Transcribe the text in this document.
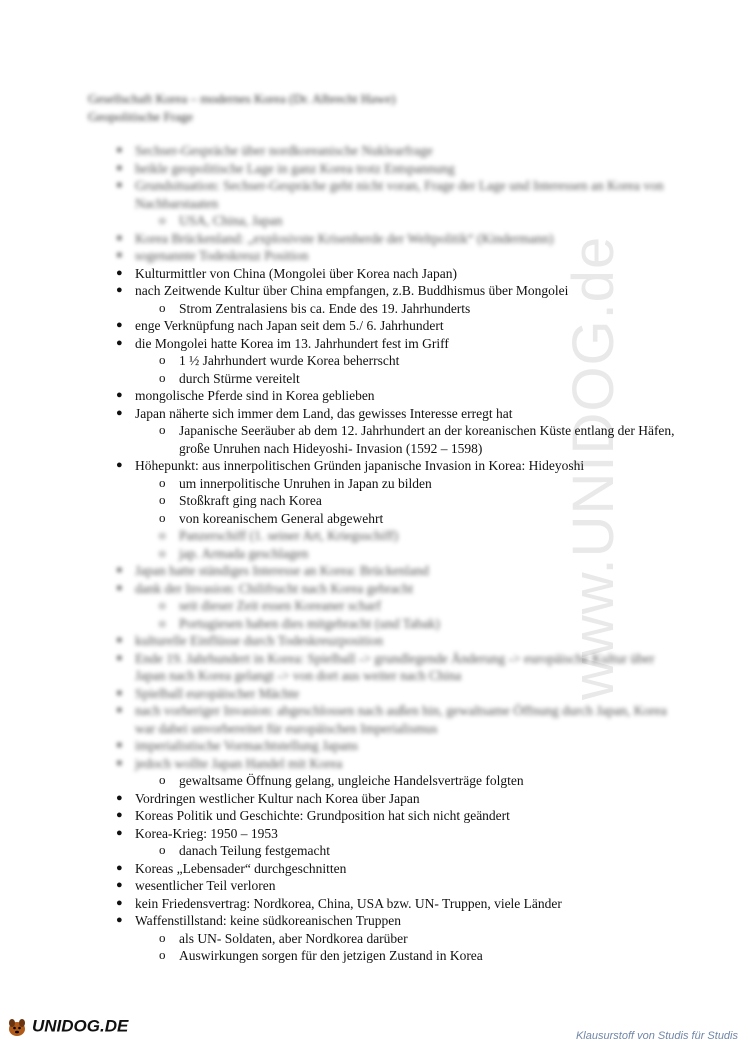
www.UNIDOG.de
Gesellschaft Korea – modernes Korea (Dr. Albrecht Hawe)
Geopolitische Frage
● Sechser-Gespräche über nordkoreanische Nuklearfrage
● heikle geopolitische Lage in ganz Korea trotz Entspannung
● Grundsituation: Sechser-Gespräche geht nicht voran, Frage der Lage und Interessen an Korea von Nachbarstaaten
o USA, China, Japan
● Korea Brückenland: „explosivste Krisenherde der Weltpolitik“ (Kindermann)
● sogenannte Todeskreuz Position
● Kulturmittler von China (Mongolei über Korea nach Japan)
● nach Zeitwende Kultur über China empfangen, z.B. Buddhismus über Mongolei
o Strom Zentralasiens bis ca. Ende des 19. Jahrhunderts
● enge Verknüpfung nach Japan seit dem 5./ 6. Jahrhundert
● die Mongolei hatte Korea im 13. Jahrhundert fest im Griff
o 1 ½ Jahrhundert wurde Korea beherrscht
o durch Stürme vereitelt
● mongolische Pferde sind in Korea geblieben
● Japan näherte sich immer dem Land, das gewisses Interesse erregt hat
o Japanische Seeräuber ab dem 12. Jahrhundert an der koreanischen Küste entlang der Häfen, große Unruhen nach Hideyoshi- Invasion (1592 – 1598)
● Höhepunkt: aus innerpolitischen Gründen japanische Invasion in Korea: Hideyoshi
o um innerpolitische Unruhen in Japan zu bilden
o Stoßkraft ging nach Korea
o von koreanischem General abgewehrt
o Panzerschiff (1. seiner Art, Kriegsschiff)
o jap. Armada geschlagen
● Japan hatte ständiges Interesse an Korea: Brückenland
● dank der Invasion: Chilifrucht nach Korea gebracht
o seit dieser Zeit essen Koreaner scharf
o Portugiesen haben dies mitgebracht (und Tabak)
● kulturelle Einflüsse durch Todeskreuzposition
● Ende 19. Jahrhundert in Korea: Spielball -> grundlegende Änderung -> europäische Kultur über Japan nach Korea gelangt -> von dort aus weiter nach China
● Spielball europäischer Mächte
● nach vorheriger Invasion: abgeschlossen nach außen hin, gewaltsame Öffnung durch Japan, Korea war dabei unvorbereitet für europäischen Imperialismus
● imperialistische Vormachtstellung Japans
● jedoch wollte Japan Handel mit Korea
o gewaltsame Öffnung gelang, ungleiche Handelsverträge folgten
● Vordringen westlicher Kultur nach Korea über Japan
● Koreas Politik und Geschichte: Grundposition hat sich nicht geändert
● Korea-Krieg: 1950 – 1953
o danach Teilung festgemacht
● Koreas „Lebensader“ durchgeschnitten
● wesentlicher Teil verloren
● kein Friedensvertrag: Nordkorea, China, USA bzw. UN- Truppen, viele Länder
● Waffenstillstand: keine südkoreanischen Truppen
o als UN- Soldaten, aber Nordkorea darüber
o Auswirkungen sorgen für den jetzigen Zustand in Korea
UNIDOG.DE
Klausurstoff von Studis für Studis
